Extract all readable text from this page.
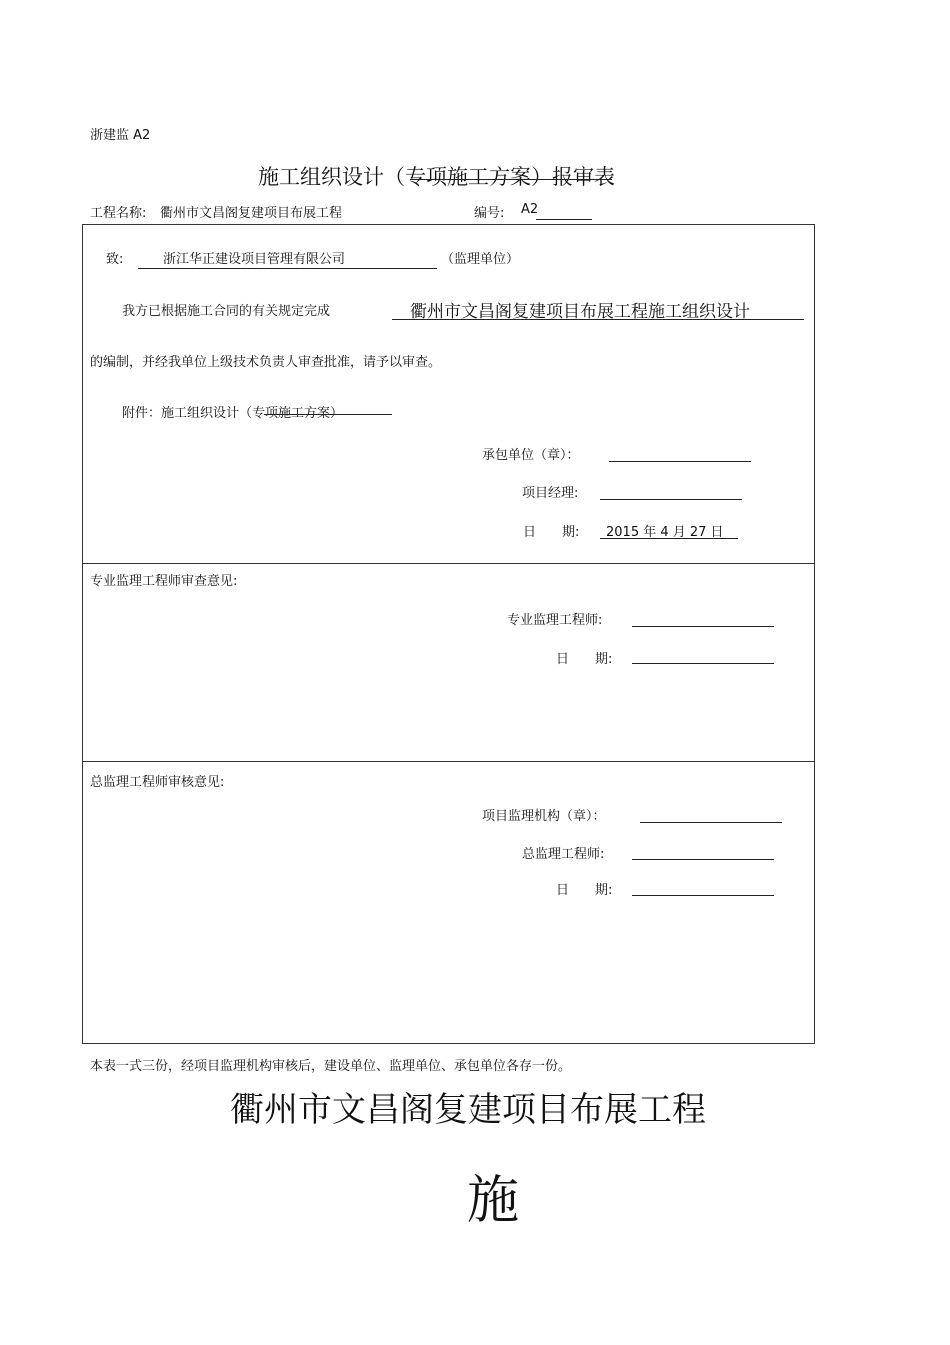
浙建监 A2
施工组织设计（专项施工方案）报审表
工程名称: 衢州市文昌阁复建项目布展工程	编号: A2
致:	浙江华正建设项目管理有限公司	（监理单位）
我方已根据施工合同的有关规定完成	衢州市文昌阁复建项目布展工程施工组织设计
的编制，并经我单位上级技术负责人审查批准，请予以审查。
附件：施工组织设计（专项施工方案）
承包单位（章）：
项目经理:
日　　期: 2015 年 4 月 27 日
专业监理工程师审查意见:
专业监理工程师:
日　　期:
总监理工程师审核意见:
项目监理机构（章）：
总监理工程师:
日　　期:
本表一式三份，经项目监理机构审核后，建设单位、监理单位、承包单位各存一份。
衢州市文昌阁复建项目布展工程
施
